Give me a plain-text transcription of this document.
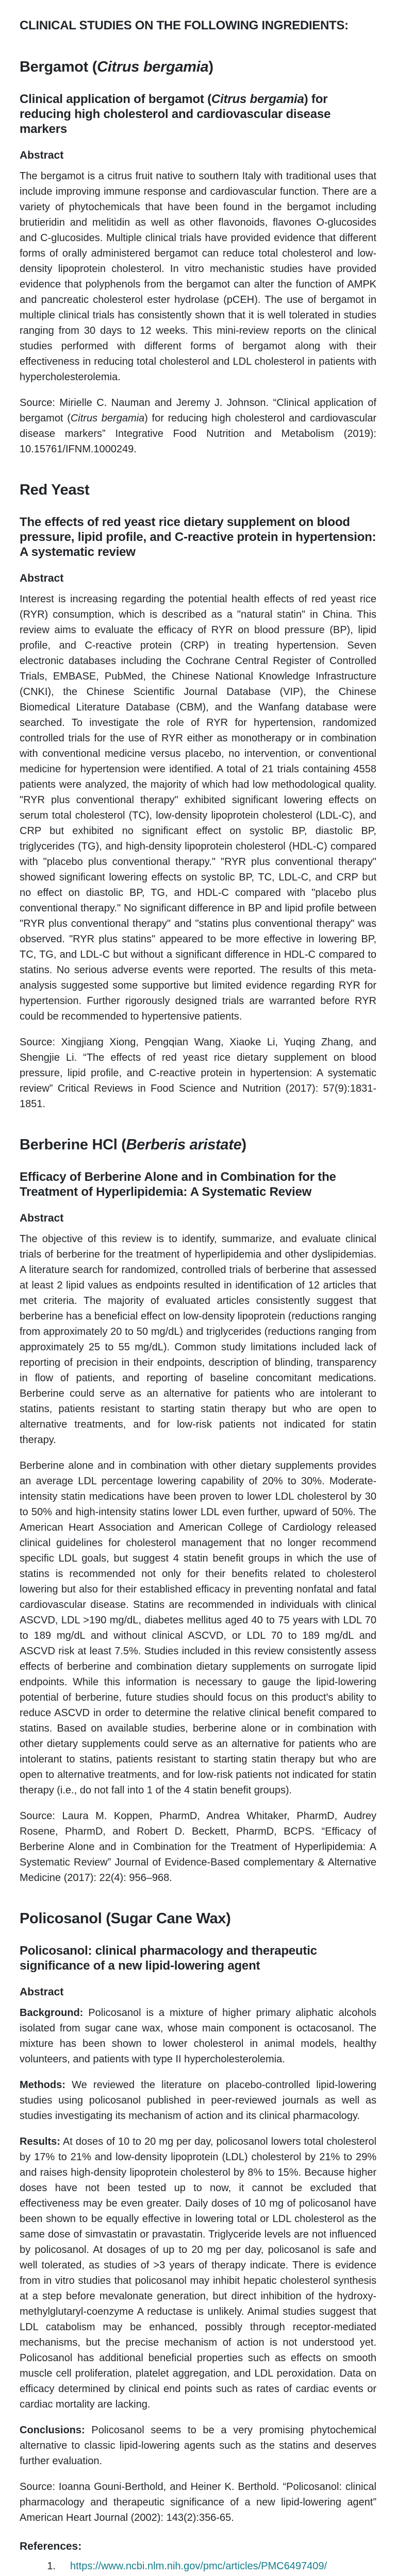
CLINICAL STUDIES ON THE FOLLOWING INGREDIENTS:
Bergamot (Citrus bergamia)
Clinical application of bergamot (Citrus bergamia) for reducing high cholesterol and cardiovascular disease markers
Abstract

The bergamot is a citrus fruit native to southern Italy with traditional uses that include improving immune response and cardiovascular function. There are a variety of phytochemicals that have been found in the bergamot including brutieridin and melitidin as well as other flavonoids, flavones O-glucosides and C-glucosides. Multiple clinical trials have provided evidence that different forms of orally administered bergamot can reduce total cholesterol and low-density lipoprotein cholesterol. In vitro mechanistic studies have provided evidence that polyphenols from the bergamot can alter the function of AMPK and pancreatic cholesterol ester hydrolase (pCEH). The use of bergamot in multiple clinical trials has consistently shown that it is well tolerated in studies ranging from 30 days to 12 weeks. This mini-review reports on the clinical studies performed with different forms of bergamot along with their effectiveness in reducing total cholesterol and LDL cholesterol in patients with hypercholesterolemia.

Source: Mirielle C. Nauman and Jeremy J. Johnson. “Clinical application of bergamot (Citrus bergamia) for reducing high cholesterol and cardiovascular disease markers” Integrative Food Nutrition and Metabolism (2019): 10.15761/IFNM.1000249.

Red Yeast
The effects of red yeast rice dietary supplement on blood pressure, lipid profile, and C-reactive protein in hypertension: A systematic review
Abstract

Interest is increasing regarding the potential health effects of red yeast rice (RYR) consumption, which is described as a "natural statin" in China. This review aims to evaluate the efficacy of RYR on blood pressure (BP), lipid profile, and C-reactive protein (CRP) in treating hypertension. Seven electronic databases including the Cochrane Central Register of Controlled Trials, EMBASE, PubMed, the Chinese National Knowledge Infrastructure (CNKI), the Chinese Scientific Journal Database (VIP), the Chinese Biomedical Literature Database (CBM), and the Wanfang database were searched. To investigate the role of RYR for hypertension, randomized controlled trials for the use of RYR either as monotherapy or in combination with conventional medicine versus placebo, no intervention, or conventional medicine for hypertension were identified. A total of 21 trials containing 4558 patients were analyzed, the majority of which had low methodological quality. "RYR plus conventional therapy" exhibited significant lowering effects on serum total cholesterol (TC), low-density lipoprotein cholesterol (LDL-C), and CRP but exhibited no significant effect on systolic BP, diastolic BP, triglycerides (TG), and high-density lipoprotein cholesterol (HDL-C) compared with "placebo plus conventional therapy." "RYR plus conventional therapy" showed significant lowering effects on systolic BP, TC, LDL-C, and CRP but no effect on diastolic BP, TG, and HDL-C compared with "placebo plus conventional therapy." No significant difference in BP and lipid profile between "RYR plus conventional therapy" and "statins plus conventional therapy" was observed. "RYR plus statins" appeared to be more effective in lowering BP, TC, TG, and LDL-C but without a significant difference in HDL-C compared to statins. No serious adverse events were reported. The results of this meta-analysis suggested some supportive but limited evidence regarding RYR for hypertension. Further rigorously designed trials are warranted before RYR could be recommended to hypertensive patients.

Source: Xingjiang Xiong, Pengqian Wang, Xiaoke Li, Yuqing Zhang, and Shengjie Li. “The effects of red yeast rice dietary supplement on blood pressure, lipid profile, and C-reactive protein in hypertension: A systematic review” Critical Reviews in Food Science and Nutrition (2017): 57(9):1831-1851.

Berberine HCl (Berberis aristate)
Efficacy of Berberine Alone and in Combination for the Treatment of Hyperlipidemia: A Systematic Review
Abstract

The objective of this review is to identify, summarize, and evaluate clinical trials of berberine for the treatment of hyperlipidemia and other dyslipidemias. A literature search for randomized, controlled trials of berberine that assessed at least 2 lipid values as endpoints resulted in identification of 12 articles that met criteria. The majority of evaluated articles consistently suggest that berberine has a beneficial effect on low-density lipoprotein (reductions ranging from approximately 20 to 50 mg/dL) and triglycerides (reductions ranging from approximately 25 to 55 mg/dL). Common study limitations included lack of reporting of precision in their endpoints, description of blinding, transparency in flow of patients, and reporting of baseline concomitant medications. Berberine could serve as an alternative for patients who are intolerant to statins, patients resistant to starting statin therapy but who are open to alternative treatments, and for low-risk patients not indicated for statin therapy.

Berberine alone and in combination with other dietary supplements provides an average LDL percentage lowering capability of 20% to 30%. Moderate-intensity statin medications have been proven to lower LDL cholesterol by 30 to 50% and high-intensity statins lower LDL even further, upward of 50%. The American Heart Association and American College of Cardiology released clinical guidelines for cholesterol management that no longer recommend specific LDL goals, but suggest 4 statin benefit groups in which the use of statins is recommended not only for their benefits related to cholesterol lowering but also for their established efficacy in preventing nonfatal and fatal cardiovascular disease. Statins are recommended in individuals with clinical ASCVD, LDL >190 mg/dL, diabetes mellitus aged 40 to 75 years with LDL 70 to 189 mg/dL and without clinical ASCVD, or LDL 70 to 189 mg/dL and ASCVD risk at least 7.5%. Studies included in this review consistently assess effects of berberine and combination dietary supplements on surrogate lipid endpoints. While this information is necessary to gauge the lipid-lowering potential of berberine, future studies should focus on this product's ability to reduce ASCVD in order to determine the relative clinical benefit compared to statins. Based on available studies, berberine alone or in combination with other dietary supplements could serve as an alternative for patients who are intolerant to statins, patients resistant to starting statin therapy but who are open to alternative treatments, and for low-risk patients not indicated for statin therapy (i.e., do not fall into 1 of the 4 statin benefit groups).

Source: Laura M. Koppen, PharmD, Andrea Whitaker, PharmD, Audrey Rosene, PharmD, and Robert D. Beckett, PharmD, BCPS. “Efficacy of Berberine Alone and in Combination for the Treatment of Hyperlipidemia: A Systematic Review” Journal of Evidence-Based complementary & Alternative Medicine (2017): 22(4): 956–968.

Policosanol (Sugar Cane Wax)
Policosanol: clinical pharmacology and therapeutic significance of a new lipid-lowering agent
Abstract

Background: Policosanol is a mixture of higher primary aliphatic alcohols isolated from sugar cane wax, whose main component is octacosanol. The mixture has been shown to lower cholesterol in animal models, healthy volunteers, and patients with type II hypercholesterolemia.

Methods: We reviewed the literature on placebo-controlled lipid-lowering studies using policosanol published in peer-reviewed journals as well as studies investigating its mechanism of action and its clinical pharmacology.

Results: At doses of 10 to 20 mg per day, policosanol lowers total cholesterol by 17% to 21% and low-density lipoprotein (LDL) cholesterol by 21% to 29% and raises high-density lipoprotein cholesterol by 8% to 15%. Because higher doses have not been tested up to now, it cannot be excluded that effectiveness may be even greater. Daily doses of 10 mg of policosanol have been shown to be equally effective in lowering total or LDL cholesterol as the same dose of simvastatin or pravastatin. Triglyceride levels are not influenced by policosanol. At dosages of up to 20 mg per day, policosanol is safe and well tolerated, as studies of >3 years of therapy indicate. There is evidence from in vitro studies that policosanol may inhibit hepatic cholesterol synthesis at a step before mevalonate generation, but direct inhibition of the hydroxy-methylglutaryl-coenzyme A reductase is unlikely. Animal studies suggest that LDL catabolism may be enhanced, possibly through receptor-mediated mechanisms, but the precise mechanism of action is not understood yet. Policosanol has additional beneficial properties such as effects on smooth muscle cell proliferation, platelet aggregation, and LDL peroxidation. Data on efficacy determined by clinical end points such as rates of cardiac events or cardiac mortality are lacking.

Conclusions: Policosanol seems to be a very promising phytochemical alternative to classic lipid-lowering agents such as the statins and deserves further evaluation.

Source: Ioanna Gouni-Berthold, and Heiner K. Berthold. “Policosanol: clinical pharmacology and therapeutic significance of a new lipid-lowering agent” American Heart Journal (2002): 143(2):356-65.

References:
1.	https://www.ncbi.nlm.nih.gov/pmc/articles/PMC6497409/
